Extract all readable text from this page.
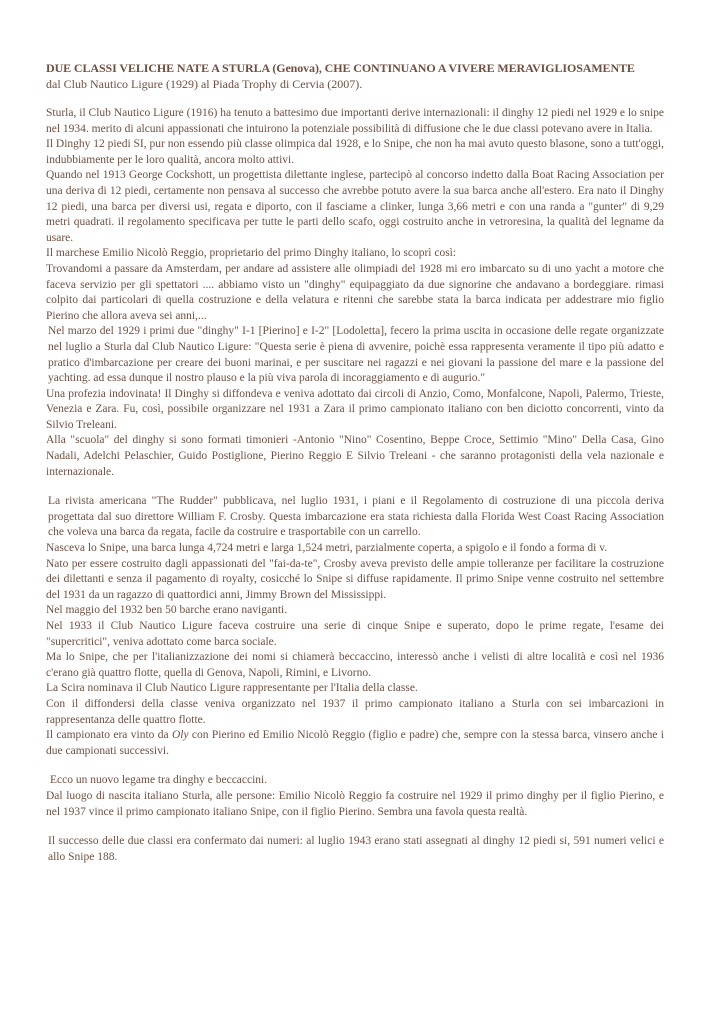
DUE CLASSI VELICHE NATE A STURLA (Genova), CHE CONTINUANO A VIVERE MERAVIGLIOSAMENTE
dal Club Nautico Ligure (1929) al Piada Trophy di Cervia (2007).

Sturla, il Club Nautico Ligure (1916) ha tenuto a battesimo due importanti derive internazionali: il dinghy 12 piedi nel 1929 e lo snipe nel 1934. merito di alcuni appassionati che intuirono la potenziale possibilità di diffusione che le due classi potevano avere in Italia.

Il Dinghy 12 piedi SI, pur non essendo più classe olimpica dal 1928, e lo Snipe, che non ha mai avuto questo blasone, sono a tutt'oggi, indubbiamente per le loro qualità, ancora molto attivi.

Quando nel 1913 George Cockshott, un progettista dilettante inglese, partecipò al concorso indetto dalla Boat Racing Association per una deriva di 12 piedi, certamente non pensava al successo che avrebbe potuto avere la sua barca anche all'estero. Era nato il Dinghy 12 piedi, una barca per diversi usi, regata e diporto, con il fasciame a clinker, lunga 3,66 metri e con una randa a "gunter" di 9,29 metri quadrati. il regolamento specificava per tutte le parti dello scafo, oggi costruito anche in vetroresina, la qualità del legname da usare.

Il marchese Emilio Nicolò Reggio, proprietario del primo Dinghy italiano, lo scoprì così:

Trovandomi a passare da Amsterdam, per andare ad assistere alle olimpiadi del 1928 mi ero imbarcato su di uno yacht a motore che faceva servizio per gli spettatori .... abbiamo visto un "dinghy" equipaggiato da due signorine che andavano a bordeggiare. rimasi colpito dai particolari di quella costruzione e della velatura e ritenni che sarebbe stata la barca indicata per addestrare mio figlio Pierino che allora aveva sei anni,...

Nel marzo del 1929 i primi due "dinghy" I-1 [Pierino] e I-2" [Lodoletta], fecero la prima uscita in occasione delle regate organizzate nel luglio a Sturla dal Club Nautico Ligure: "Questa serie è piena di avvenire, poichè essa rappresenta veramente il tipo più adatto e pratico d'imbarcazione per creare dei buoni marinai, e per suscitare nei ragazzi e nei giovani la passione del mare e la passione del yachting. ad essa dunque il nostro plauso e la più viva parola di incoraggiamento e di augurio."

Una profezia indovinata! Il Dinghy si diffondeva e veniva adottato dai circoli di Anzio, Como, Monfalcone, Napoli, Palermo, Trieste, Venezia e Zara. Fu, così, possibile organizzare nel 1931 a Zara il primo campionato italiano con ben diciotto concorrenti, vinto da Silvio Treleani.

Alla "scuola" del dinghy si sono formati timonieri -Antonio "Nino" Cosentino, Beppe Croce, Settimio "Mino" Della Casa, Gino Nadali, Adelchi Pelaschier, Guido Postiglione, Pierino Reggio E Silvio Treleani - che saranno protagonisti della vela nazionale e internazionale.

La rivista americana "The Rudder" pubblicava, nel luglio 1931, i piani e il Regolamento di costruzione di una piccola deriva progettata dal suo direttore William F. Crosby. Questa imbarcazione era stata richiesta dalla Florida West Coast Racing Association che voleva una barca da regata, facile da costruire e trasportabile con un carrello.

Nasceva lo Snipe, una barca lunga 4,724 metri e larga 1,524 metri, parzialmente coperta, a spigolo e il fondo a forma di v.

Nato per essere costruito dagli appassionati del "fai-da-te", Crosby aveva previsto delle ampie tolleranze per facilitare la costruzione dei dilettanti e senza il pagamento di royalty, cosicché lo Snipe si diffuse rapidamente. Il primo Snipe venne costruito nel settembre del 1931 da un ragazzo di quattordici anni, Jimmy Brown del Mississippi.

Nel maggio del 1932 ben 50 barche erano naviganti.

Nel 1933 il Club Nautico Ligure faceva costruire una serie di cinque Snipe e superato, dopo le prime regate, l'esame dei "supercritici", veniva adottato come barca sociale.

Ma lo Snipe, che per l'italianizzazione dei nomi si chiamerà beccaccino, interessò anche i velisti di altre località e così nel 1936 c'erano già quattro flotte, quella di Genova, Napoli, Rimini, e Livorno.

La Scira nominava il Club Nautico Ligure rappresentante per l'Italia della classe.

Con il diffondersi della classe veniva organizzato nel 1937 il primo campionato italiano a Sturla con sei imbarcazioni in rappresentanza delle quattro flotte.

Il campionato era vinto da Oly con Pierino ed Emilio Nicolò Reggio (figlio e padre) che, sempre con la stessa barca, vinsero anche i due campionati successivi.

Ecco un nuovo legame tra dinghy e beccaccini.

Dal luogo di nascita italiano Sturla, alle persone: Emilio Nicolò Reggio fa costruire nel 1929 il primo dinghy per il figlio Pierino, e nel 1937 vince il primo campionato italiano Snipe, con il figlio Pierino. Sembra una favola questa realtà.

Il successo delle due classi era confermato dai numeri: al luglio 1943 erano stati assegnati al dinghy 12 piedi si, 591 numeri velici e allo Snipe 188.
